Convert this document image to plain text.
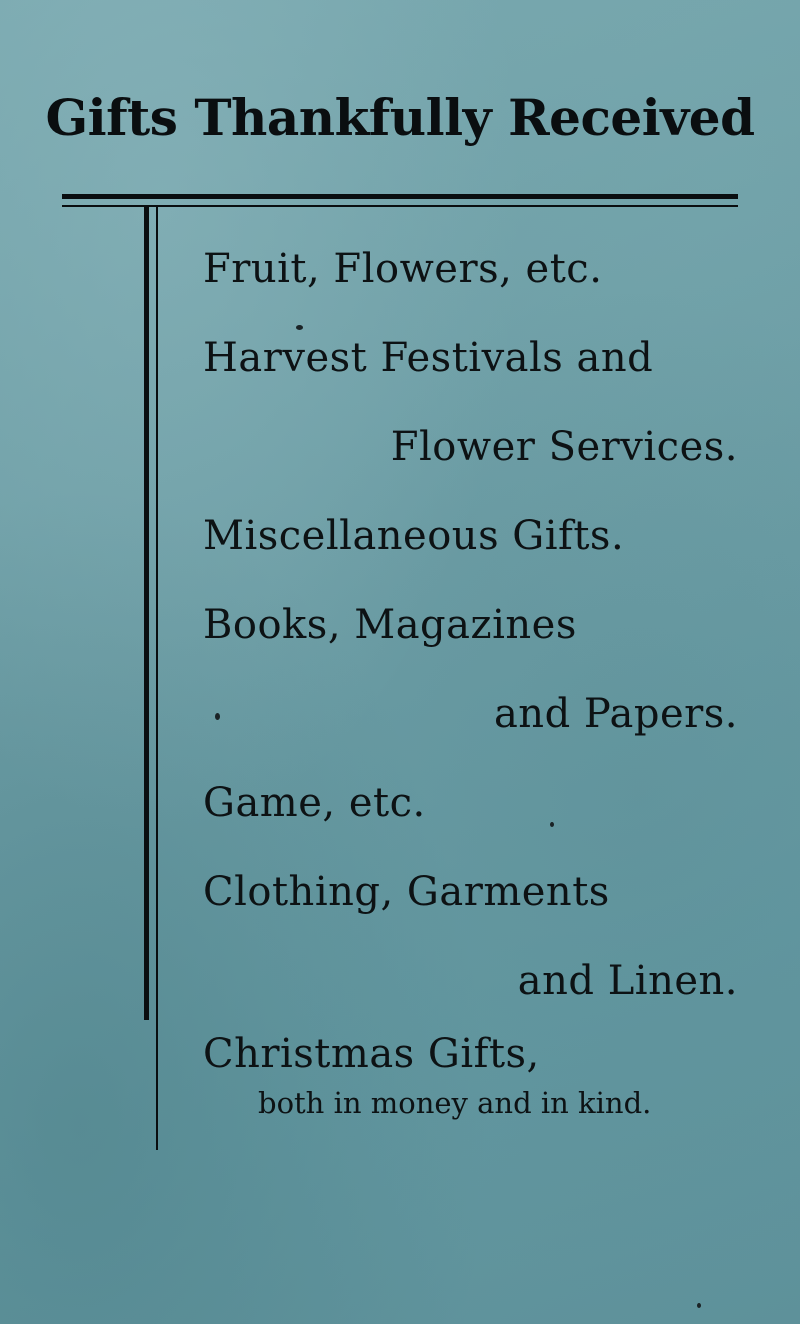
Gifts Thankfully Received
Fruit, Flowers, etc.
Harvest Festivals and
Flower Services.
Miscellaneous Gifts.
Books, Magazines
and Papers.
Game, etc.
Clothing, Garments
and Linen.
Christmas Gifts,
both in money and in kind.
